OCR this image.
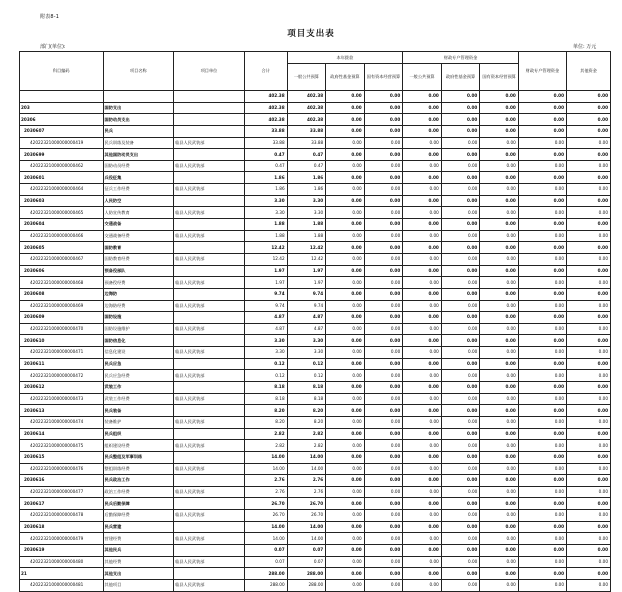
附表8-1
项目支出表
部门(单位):	单位: 万元
科目编码	项目名称	项目单位	合计	本年拨款			财政专户管理资金			财政专户管理资金	其他资金
				一般公共预算	政府性基金预算	国有资本经营预算	一般公共预算	政府性基金预算	国有资本经营预算		
			402.38	402.38	0.00	0.00	0.00	0.00	0.00	0.00	0.00
203	国防支出		402.38	402.38	0.00	0.00	0.00	0.00	0.00	0.00	0.00
20306	国防动员支出		402.38	402.38	0.00	0.00	0.00	0.00	0.00	0.00	0.00
2030607	民兵		33.88	33.88	0.00	0.00	0.00	0.00	0.00	0.00	0.00
42022321000000000419	民兵训练及装备	临县人民武装部	33.88	33.88	0.00	0.00	0.00	0.00	0.00	0.00	0.00
2030699	其他国防动员支出		0.47	0.47	0.00	0.00	0.00	0.00	0.00	0.00	0.00
42022321000000000462	国防动员经费	临县人民武装部	0.47	0.47	0.00	0.00	0.00	0.00	0.00	0.00	0.00
2030601	兵役征集		1.86	1.86	0.00	0.00	0.00	0.00	0.00	0.00	0.00
42022321000000000464	征兵工作经费	临县人民武装部	1.86	1.86	0.00	0.00	0.00	0.00	0.00	0.00	0.00
2030603	人民防空		3.30	3.30	0.00	0.00	0.00	0.00	0.00	0.00	0.00
42022321000000000465	人防宣传教育	临县人民武装部	3.30	3.30	0.00	0.00	0.00	0.00	0.00	0.00	0.00
2030604	交通战备		1.88	1.88	0.00	0.00	0.00	0.00	0.00	0.00	0.00
42022321000000000466	交通战备经费	临县人民武装部	1.88	1.88	0.00	0.00	0.00	0.00	0.00	0.00	0.00
2030605	国防教育		12.42	12.42	0.00	0.00	0.00	0.00	0.00	0.00	0.00
42022321000000000467	国防教育经费	临县人民武装部	12.42	12.42	0.00	0.00	0.00	0.00	0.00	0.00	0.00
2030606	预备役部队		1.97	1.97	0.00	0.00	0.00	0.00	0.00	0.00	0.00
42022321000000000468	预备役经费	临县人民武装部	1.97	1.97	0.00	0.00	0.00	0.00	0.00	0.00	0.00
2030608	边海防		9.74	9.74	0.00	0.00	0.00	0.00	0.00	0.00	0.00
42022321000000000469	边海防经费	临县人民武装部	9.74	9.74	0.00	0.00	0.00	0.00	0.00	0.00	0.00
2030609	国防设施		4.87	4.87	0.00	0.00	0.00	0.00	0.00	0.00	0.00
42022321000000000470	国防设施维护	临县人民武装部	4.87	4.87	0.00	0.00	0.00	0.00	0.00	0.00	0.00
2030610	国防信息化		3.30	3.30	0.00	0.00	0.00	0.00	0.00	0.00	0.00
42022321000000000471	信息化建设	临县人民武装部	3.30	3.30	0.00	0.00	0.00	0.00	0.00	0.00	0.00
2030611	民兵应急		0.12	0.12	0.00	0.00	0.00	0.00	0.00	0.00	0.00
42022321000000000472	民兵应急经费	临县人民武装部	0.12	0.12	0.00	0.00	0.00	0.00	0.00	0.00	0.00
2030612	武装工作		8.18	8.18	0.00	0.00	0.00	0.00	0.00	0.00	0.00
42022321000000000473	武装工作经费	临县人民武装部	8.18	8.18	0.00	0.00	0.00	0.00	0.00	0.00	0.00
2030613	民兵装备		8.20	8.20	0.00	0.00	0.00	0.00	0.00	0.00	0.00
42022321000000000474	装备维护	临县人民武装部	8.20	8.20	0.00	0.00	0.00	0.00	0.00	0.00	0.00
2030614	民兵组织		2.82	2.82	0.00	0.00	0.00	0.00	0.00	0.00	0.00
42022321000000000475	组织建设经费	临县人民武装部	2.82	2.82	0.00	0.00	0.00	0.00	0.00	0.00	0.00
2030615	民兵整组及军事训练		14.00	14.00	0.00	0.00	0.00	0.00	0.00	0.00	0.00
42022321000000000476	整组训练经费	临县人民武装部	14.00	14.00	0.00	0.00	0.00	0.00	0.00	0.00	0.00
2030616	民兵政治工作		2.76	2.76	0.00	0.00	0.00	0.00	0.00	0.00	0.00
42022321000000000477	政治工作经费	临县人民武装部	2.76	2.76	0.00	0.00	0.00	0.00	0.00	0.00	0.00
2030617	民兵后勤保障		26.70	26.70	0.00	0.00	0.00	0.00	0.00	0.00	0.00
42022321000000000478	后勤保障经费	临县人民武装部	26.70	26.70	0.00	0.00	0.00	0.00	0.00	0.00	0.00
2030618	民兵营建		14.00	14.00	0.00	0.00	0.00	0.00	0.00	0.00	0.00
42022321000000000479	营建经费	临县人民武装部	14.00	14.00	0.00	0.00	0.00	0.00	0.00	0.00	0.00
2030619	其他民兵		0.07	0.07	0.00	0.00	0.00	0.00	0.00	0.00	0.00
42022321000000000480	其他经费	临县人民武装部	0.07	0.07	0.00	0.00	0.00	0.00	0.00	0.00	0.00
21	其他支出		288.00	288.00	0.00	0.00	0.00	0.00	0.00	0.00	0.00
42022321000000000481	其他项目	临县人民武装部	288.00	288.00	0.00	0.00	0.00	0.00	0.00	0.00	0.00
